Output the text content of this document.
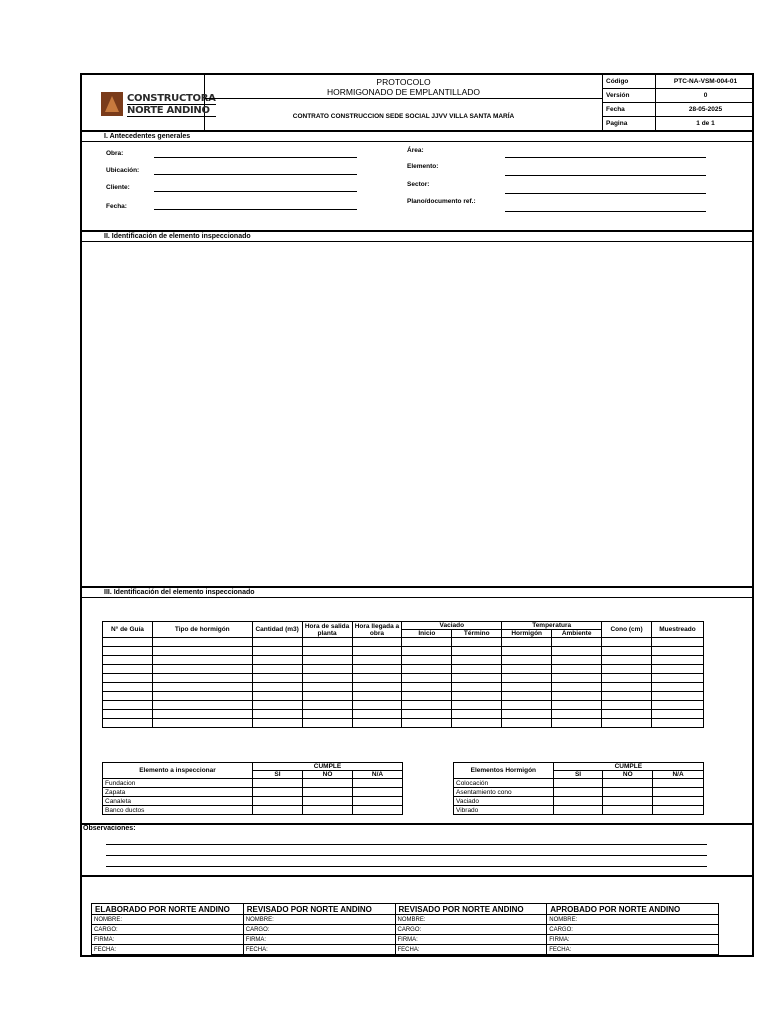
CONSTRUCTORA
NORTE ANDINO
PROTOCOLO
HORMIGONADO DE EMPLANTILLADO
CONTRATO CONSTRUCCION SEDE SOCIAL JJVV VILLA SANTA MARÍA
Código	PTC-NA-VSM-004-01
Versión	0
Fecha	28-05-2025
Pagina	1 de 1
I. Antecedentes generales
Obra:
Ubicación:
Cliente:
Fecha:
Área:
Elemento:
Sector:
Plano/documento ref.:
II. Identificación de elemento inspeccionado
III. Identificación del elemento inspeccionado
N° de Guía	Tipo de hormigón	Cantidad (m3)	Hora de salida planta	Hora llegada a obra	Vaciado		Temperatura		Cono (cm)	Muestreado
					Inicio	Término	Hormigón	Ambiente		

Elemento a inspeccionar	CUMPLE		
	SI	NO	N/A
Fundacion			
Zapata			
Canaleta			
Banco ductos			
Elementos Hormigón	CUMPLE		
	SI	NO	N/A
Colocación			
Asentamiento cono			
Vaciado			
Vibrado			
Observaciones:
ELABORADO POR NORTE ANDINO	REVISADO POR NORTE ANDINO	REVISADO POR NORTE ANDINO	APROBADO POR NORTE ANDINO
NOMBRE:	NOMBRE:	NOMBRE:	NOMBRE:
CARGO:	CARGO:	CARGO:	CARGO:
FIRMA:	FIRMA:	FIRMA:	FIRMA:
FECHA:	FECHA:	FECHA:	FECHA:
